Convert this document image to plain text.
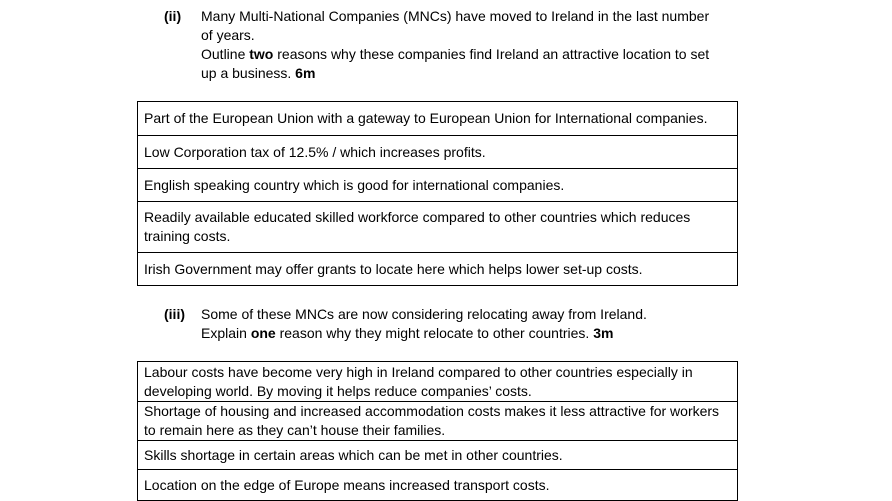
(ii) Many Multi-National Companies (MNCs) have moved to Ireland in the last number
of years.
Outline two reasons why these companies find Ireland an attractive location to set
up a business. 6m
Part of the European Union with a gateway to European Union for International companies.
Low Corporation tax of 12.5% / which increases profits.
English speaking country which is good for international companies.
Readily available educated skilled workforce compared to other countries which reduces
training costs.
Irish Government may offer grants to locate here which helps lower set-up costs.
(iii) Some of these MNCs are now considering relocating away from Ireland.
Explain one reason why they might relocate to other countries. 3m
Labour costs have become very high in Ireland compared to other countries especially in
developing world. By moving it helps reduce companies’ costs.
Shortage of housing and increased accommodation costs makes it less attractive for workers
to remain here as they can’t house their families.
Skills shortage in certain areas which can be met in other countries.
Location on the edge of Europe means increased transport costs.
